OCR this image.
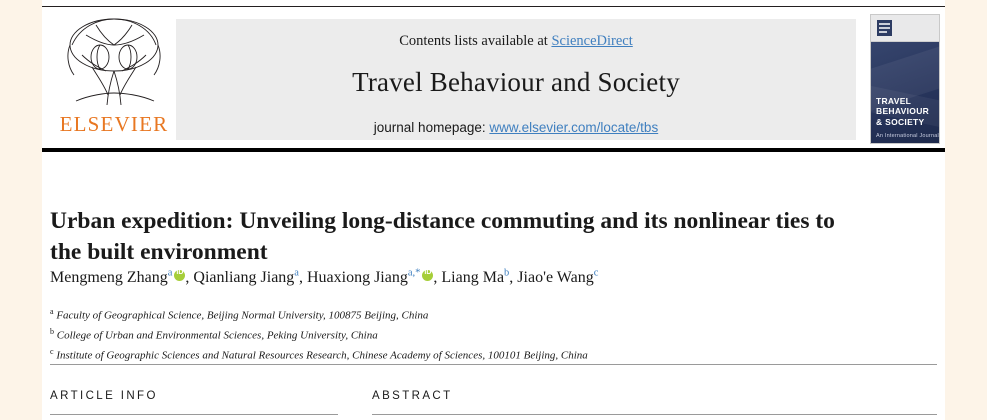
ELSEVIER
Contents lists available at ScienceDirect
Travel Behaviour and Society
journal homepage: www.elsevier.com/locate/tbs
TRAVEL
BEHAVIOUR
& SOCIETY
An International Journal
Urban expedition: Unveiling long-distance commuting and its nonlinear ties to the built environment
Mengmeng Zhang$^a$ iD , Qianliang Jiang$^a$, Huaxiong Jiang$^{a,*}$ iD , Liang Ma$^b$, Jiao'e Wang$^c$
$^a$ Faculty of Geographical Science, Beijing Normal University, 100875 Beijing, China
$^b$ College of Urban and Environmental Sciences, Peking University, China
$^c$ Institute of Geographic Sciences and Natural Resources Research, Chinese Academy of Sciences, 100101 Beijing, China
ARTICLE INFO	ABSTRACT
